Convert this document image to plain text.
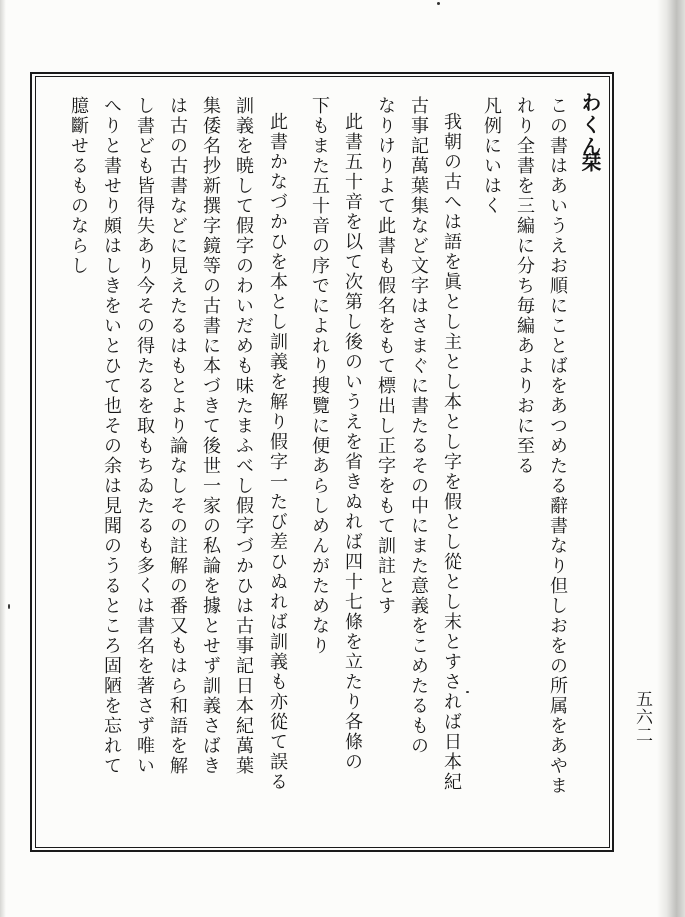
わくん
栞
この書はあいうえお順にことばをあつめたる辭書なり但しおをの所属をあやま
れり全書を三編に分ち毎編あよりおに至る
凡例にいはく
我朝の古へは語を眞とし主とし本とし字を假とし從とし末とすされば日本紀
古事記萬葉集など文字はさまぐに書たるその中にまた意義をこめたるもの
なりけりよて此書も假名をもて標出し正字をもて訓註とす
此書五十音を以て次第し後のいうえを省きぬれば四十七條を立たり各條の
下もまた五十音の序でによれり搜覽に便あらしめんがためなり
此書かなづかひを本とし訓義を解り假字一たび差ひぬれば訓義も亦從て誤る
訓義を暁して假字のわいだめも味たまふべし假字づかひは古事記日本紀萬葉
集倭名抄新撰字鏡等の古書に本づきて後世一家の私論を據とせず訓義さばき
は古の古書などに見えたるはもとより論なしその註解の番又もはら和語を解
し書ども皆得失あり今その得たるを取もちゐたるも多くは書名を著さず唯い
へりと書せり頗はしきをいとひて也その余は見聞のうるところ固陋を忘れて
臆斷せるものならし
五六二
